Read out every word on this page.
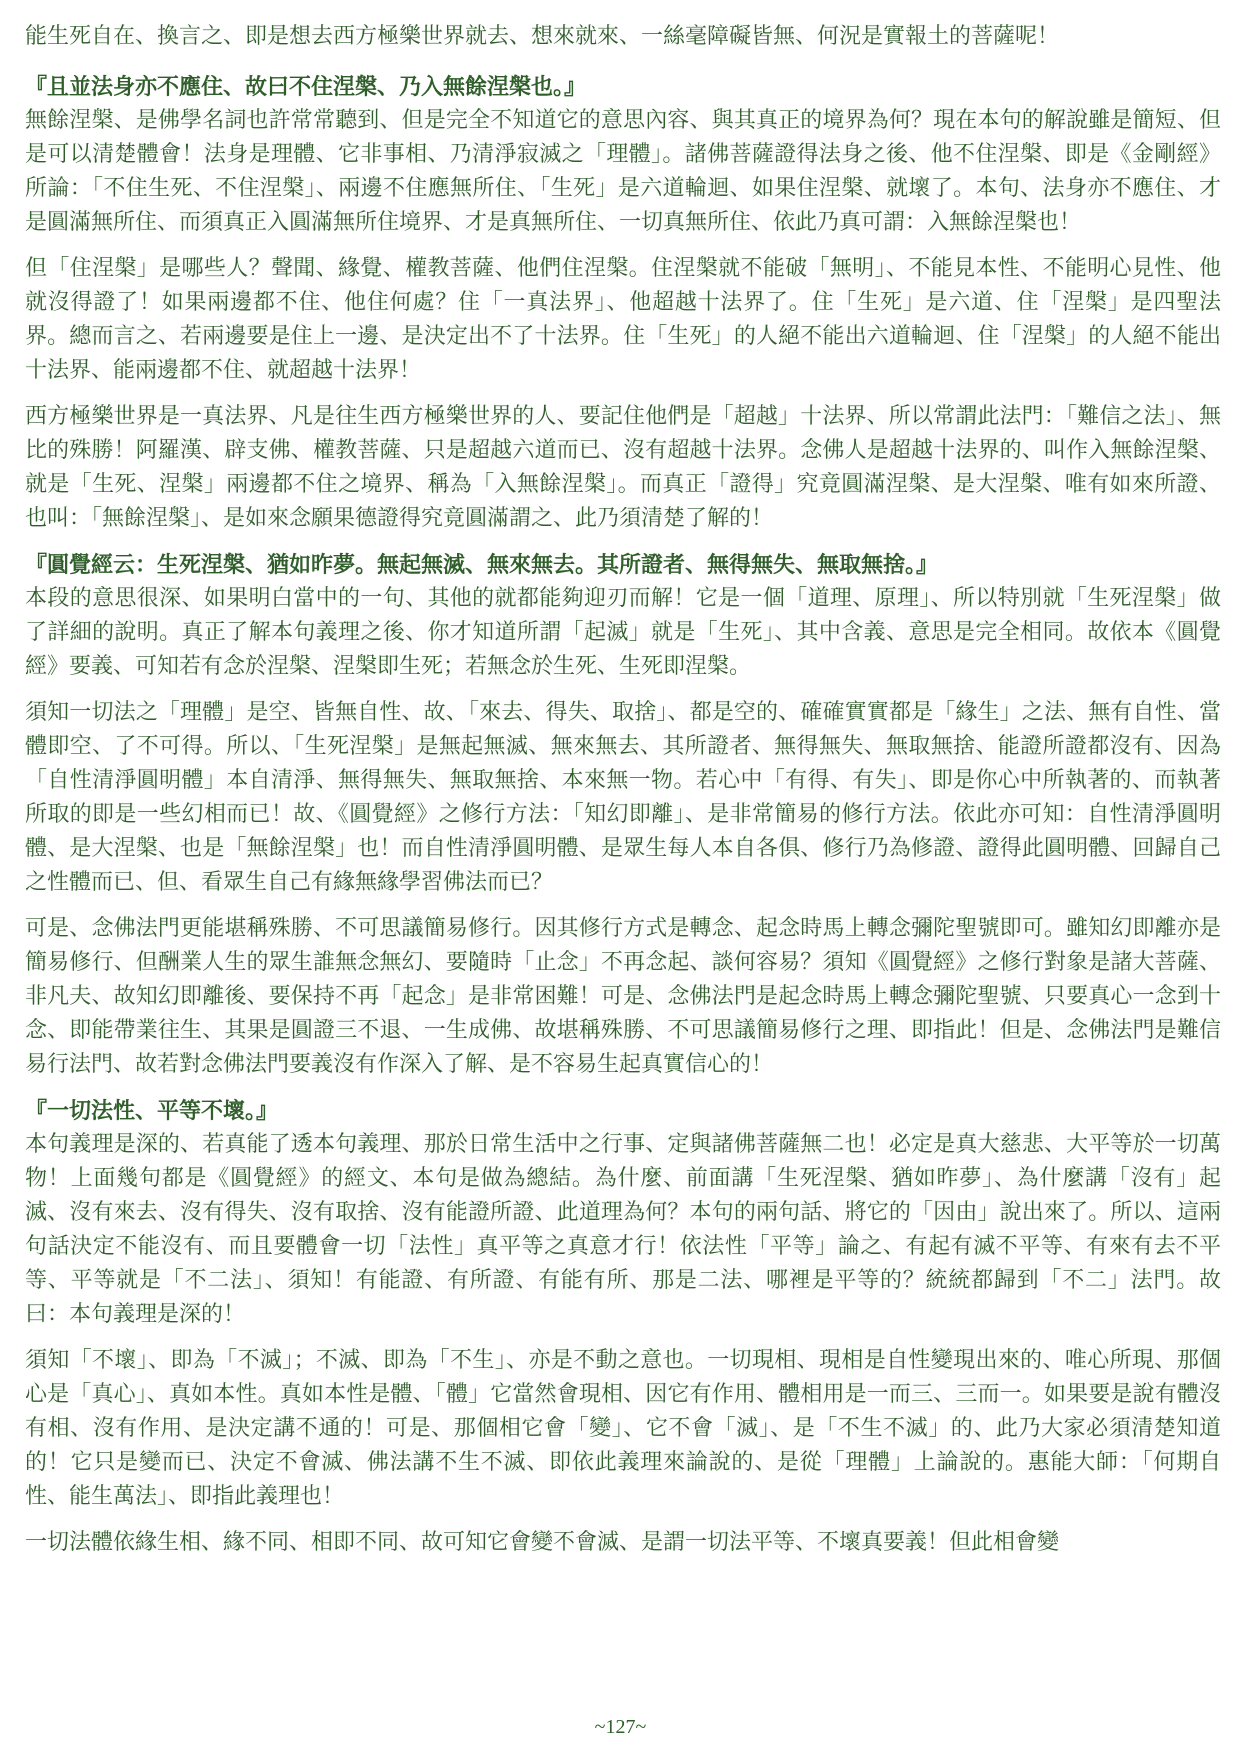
能生死自在、換言之、即是想去西方極樂世界就去、想來就來、一絲毫障礙皆無、何況是實報土的菩薩呢！

『且並法身亦不應住、故曰不住涅槃、乃入無餘涅槃也。』

無餘涅槃、是佛學名詞也許常常聽到、但是完全不知道它的意思內容、與其真正的境界為何？現在本句的解說雖是簡短、但是可以清楚體會！法身是理體、它非事相、乃清淨寂滅之「理體」。諸佛菩薩證得法身之後、他不住涅槃、即是《金剛經》所論：「不住生死、不住涅槃」、兩邊不住應無所住、「生死」是六道輪迴、如果住涅槃、就壞了。本句、法身亦不應住、才是圓滿無所住、而須真正入圓滿無所住境界、才是真無所住、一切真無所住、依此乃真可謂：入無餘涅槃也！

但「住涅槃」是哪些人？聲聞、緣覺、權教菩薩、他們住涅槃。住涅槃就不能破「無明」、不能見本性、不能明心見性、他就沒得證了！如果兩邊都不住、他住何處？住「一真法界」、他超越十法界了。住「生死」是六道、住「涅槃」是四聖法界。總而言之、若兩邊要是住上一邊、是決定出不了十法界。住「生死」的人絕不能出六道輪迴、住「涅槃」的人絕不能出十法界、能兩邊都不住、就超越十法界！

西方極樂世界是一真法界、凡是往生西方極樂世界的人、要記住他們是「超越」十法界、所以常謂此法門：「難信之法」、無比的殊勝！阿羅漢、辟支佛、權教菩薩、只是超越六道而已、沒有超越十法界。念佛人是超越十法界的、叫作入無餘涅槃、就是「生死、涅槃」兩邊都不住之境界、稱為「入無餘涅槃」。而真正「證得」究竟圓滿涅槃、是大涅槃、唯有如來所證、也叫：「無餘涅槃」、是如來念願果德證得究竟圓滿謂之、此乃須清楚了解的！

『圓覺經云：生死涅槃、猶如昨夢。無起無滅、無來無去。其所證者、無得無失、無取無捨。』

本段的意思很深、如果明白當中的一句、其他的就都能夠迎刃而解！它是一個「道理、原理」、所以特別就「生死涅槃」做了詳細的說明。真正了解本句義理之後、你才知道所謂「起滅」就是「生死」、其中含義、意思是完全相同。故依本《圓覺經》要義、可知若有念於涅槃、涅槃即生死；若無念於生死、生死即涅槃。

須知一切法之「理體」是空、皆無自性、故、「來去、得失、取捨」、都是空的、確確實實都是「緣生」之法、無有自性、當體即空、了不可得。所以、「生死涅槃」是無起無滅、無來無去、其所證者、無得無失、無取無捨、能證所證都沒有、因為「自性清淨圓明體」本自清淨、無得無失、無取無捨、本來無一物。若心中「有得、有失」、即是你心中所執著的、而執著所取的即是一些幻相而已！故、《圓覺經》之修行方法：「知幻即離」、是非常簡易的修行方法。依此亦可知：自性清淨圓明體、是大涅槃、也是「無餘涅槃」也！而自性清淨圓明體、是眾生每人本自各俱、修行乃為修證、證得此圓明體、回歸自己之性體而已、但、看眾生自己有緣無緣學習佛法而已？

可是、念佛法門更能堪稱殊勝、不可思議簡易修行。因其修行方式是轉念、起念時馬上轉念彌陀聖號即可。雖知幻即離亦是簡易修行、但酬業人生的眾生誰無念無幻、要隨時「止念」不再念起、談何容易？須知《圓覺經》之修行對象是諸大菩薩、非凡夫、故知幻即離後、要保持不再「起念」是非常困難！可是、念佛法門是起念時馬上轉念彌陀聖號、只要真心一念到十念、即能帶業往生、其果是圓證三不退、一生成佛、故堪稱殊勝、不可思議簡易修行之理、即指此！但是、念佛法門是難信易行法門、故若對念佛法門要義沒有作深入了解、是不容易生起真實信心的！

『一切法性、平等不壞。』

本句義理是深的、若真能了透本句義理、那於日常生活中之行事、定與諸佛菩薩無二也！必定是真大慈悲、大平等於一切萬物！上面幾句都是《圓覺經》的經文、本句是做為總結。為什麼、前面講「生死涅槃、猶如昨夢」、為什麼講「沒有」起滅、沒有來去、沒有得失、沒有取捨、沒有能證所證、此道理為何？本句的兩句話、將它的「因由」說出來了。所以、這兩句話決定不能沒有、而且要體會一切「法性」真平等之真意才行！依法性「平等」論之、有起有滅不平等、有來有去不平等、平等就是「不二法」、須知！有能證、有所證、有能有所、那是二法、哪裡是平等的？統統都歸到「不二」法門。故曰：本句義理是深的！

須知「不壞」、即為「不滅」；不滅、即為「不生」、亦是不動之意也。一切現相、現相是自性變現出來的、唯心所現、那個心是「真心」、真如本性。真如本性是體、「體」它當然會現相、因它有作用、體相用是一而三、三而一。如果要是說有體沒有相、沒有作用、是決定講不通的！可是、那個相它會「變」、它不會「滅」、是「不生不滅」的、此乃大家必須清楚知道的！它只是變而已、決定不會滅、佛法講不生不滅、即依此義理來論說的、是從「理體」上論說的。惠能大師：「何期自性、能生萬法」、即指此義理也！

一切法體依緣生相、緣不同、相即不同、故可知它會變不會滅、是謂一切法平等、不壞真要義！但此相會變

~127~
